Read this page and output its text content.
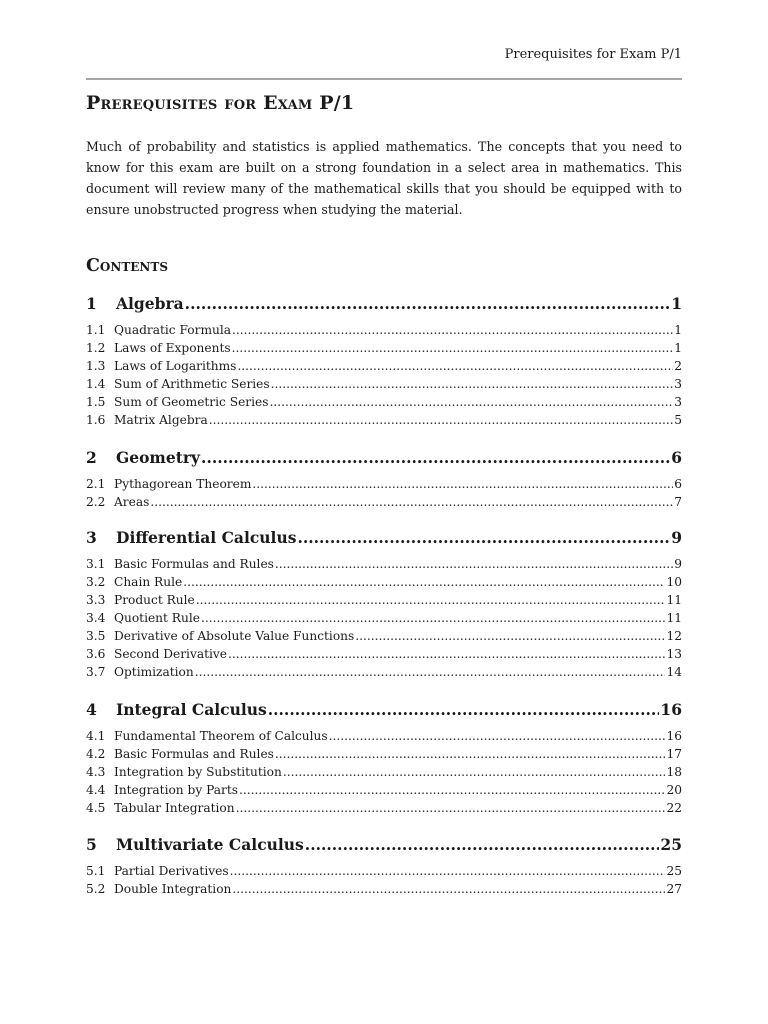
Prerequisites for Exam P/1
Prerequisites for Exam P/1

Much of probability and statistics is applied mathematics. The concepts that you need to know for this exam are built on a strong foundation in a select area in mathematics. This document will review many of the mathematical skills that you should be equipped with to ensure unobstructed progress when studying the material.

Contents
1	Algebra .....	1
1.1 Quadratic Formula .....	1
1.2 Laws of Exponents .....	1
1.3 Laws of Logarithms .....	2
1.4 Sum of Arithmetic Series .....	3
1.5 Sum of Geometric Series .....	3
1.6 Matrix Algebra .....	5
2	Geometry .....	6
2.1 Pythagorean Theorem .....	6
2.2 Areas .....	7
3	Differential Calculus .....	9
3.1 Basic Formulas and Rules .....	9
3.2 Chain Rule .....	10
3.3 Product Rule .....	11
3.4 Quotient Rule .....	11
3.5 Derivative of Absolute Value Functions .....	12
3.6 Second Derivative .....	13
3.7 Optimization .....	14
4	Integral Calculus .....	16
4.1 Fundamental Theorem of Calculus .....	16
4.2 Basic Formulas and Rules .....	17
4.3 Integration by Substitution .....	18
4.4 Integration by Parts .....	20
4.5 Tabular Integration .....	22
5	Multivariate Calculus .....	25
5.1 Partial Derivatives .....	25
5.2 Double Integration .....	27
